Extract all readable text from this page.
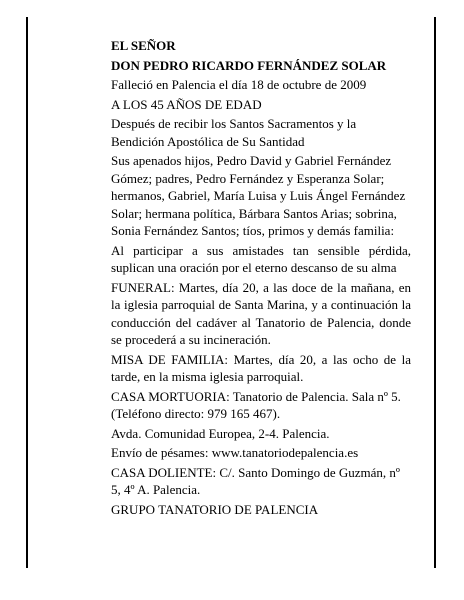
EL SEÑOR

DON PEDRO RICARDO FERNÁNDEZ SOLAR

Falleció en Palencia el día 18 de octubre de 2009

A LOS 45 AÑOS DE EDAD

Después de recibir los Santos Sacramentos y la Bendición Apostólica de Su Santidad

Sus apenados hijos, Pedro David y Gabriel Fernández Gómez; padres, Pedro Fernández y Esperanza Solar; hermanos, Gabriel, María Luisa y Luis Ángel Fernández Solar; hermana política, Bárbara Santos Arias; sobrina, Sonia Fernández Santos; tíos, primos y demás familia:

Al participar a sus amistades tan sensible pérdida, suplican una oración por el eterno descanso de su alma

FUNERAL: Martes, día 20, a las doce de la mañana, en la iglesia parroquial de Santa Marina, y a continuación la conducción del cadáver al Tanatorio de Palencia, donde se procederá a su incineración.

MISA DE FAMILIA: Martes, día 20, a las ocho de la tarde, en la misma iglesia parroquial.

CASA MORTUORIA: Tanatorio de Palencia. Sala nº 5. (Teléfono directo: 979 165 467).

Avda. Comunidad Europea, 2-4. Palencia.

Envío de pésames: www.tanatoriodepalencia.es

CASA DOLIENTE: C/. Santo Domingo de Guzmán, nº 5, 4º A. Palencia.

GRUPO TANATORIO DE PALENCIA
